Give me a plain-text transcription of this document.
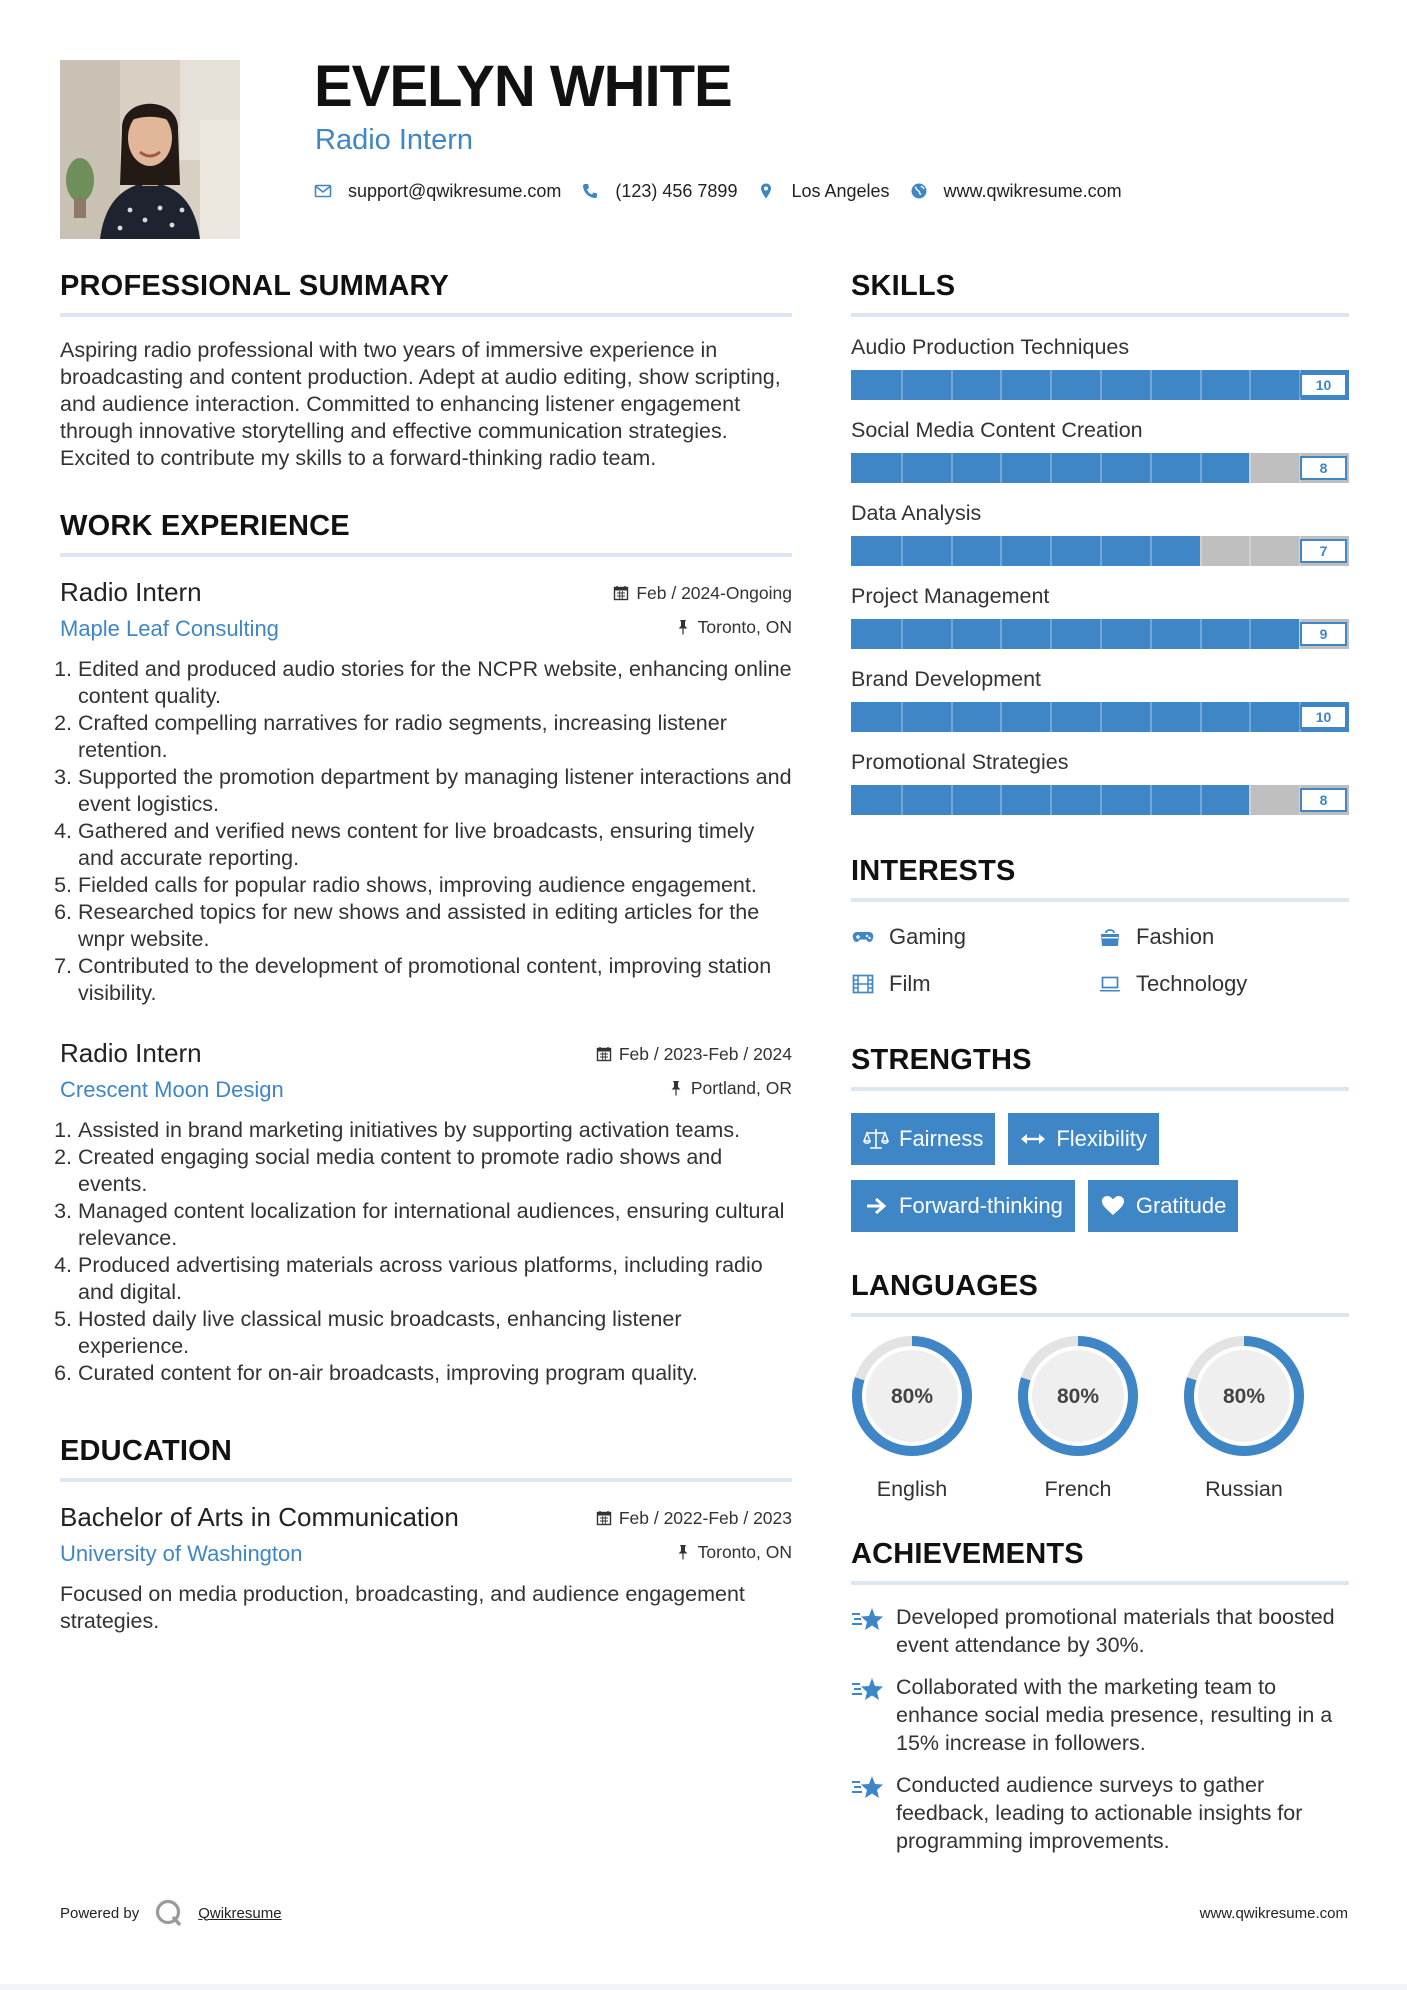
EVELYN WHITE
Radio Intern
support@qwikresume.com	(123) 456 7899	Los Angeles	www.qwikresume.com
PROFESSIONAL SUMMARY

Aspiring radio professional with two years of immersive experience in broadcasting and content production. Adept at audio editing, show scripting, and audience interaction. Committed to enhancing listener engagement through innovative storytelling and effective communication strategies. Excited to contribute my skills to a forward-thinking radio team.

WORK EXPERIENCE
Radio Intern
Maple Leaf Consulting
Feb / 2024-Ongoing
Toronto, ON
1. Edited and produced audio stories for the NCPR website, enhancing online content quality.
2. Crafted compelling narratives for radio segments, increasing listener retention.
3. Supported the promotion department by managing listener interactions and event logistics.
4. Gathered and verified news content for live broadcasts, ensuring timely and accurate reporting.
5. Fielded calls for popular radio shows, improving audience engagement.
6. Researched topics for new shows and assisted in editing articles for the wnpr website.
7. Contributed to the development of promotional content, improving station visibility.
Radio Intern
Crescent Moon Design
Feb / 2023-Feb / 2024
Portland, OR
1. Assisted in brand marketing initiatives by supporting activation teams.
2. Created engaging social media content to promote radio shows and events.
3. Managed content localization for international audiences, ensuring cultural relevance.
4. Produced advertising materials across various platforms, including radio and digital.
5. Hosted daily live classical music broadcasts, enhancing listener experience.
6. Curated content for on-air broadcasts, improving program quality.
EDUCATION
Bachelor of Arts in Communication
University of Washington
Feb / 2022-Feb / 2023
Toronto, ON

Focused on media production, broadcasting, and audience engagement strategies.

SKILLS
Audio Production Techniques
10
Social Media Content Creation
8
Data Analysis
7
Project Management
9
Brand Development
10
Promotional Strategies
8
INTERESTS
Gaming	Fashion
Film	Technology
STRENGTHS
Fairness	Flexibility
Forward-thinking	Gratitude
LANGUAGES
80%
English
80%
French
80%
Russian
ACHIEVEMENTS
Developed promotional materials that boosted event attendance by 30%.
Collaborated with the marketing team to enhance social media presence, resulting in a 15% increase in followers.
Conducted audience surveys to gather feedback, leading to actionable insights for programming improvements.
Powered by	Qwikresume	www.qwikresume.com
